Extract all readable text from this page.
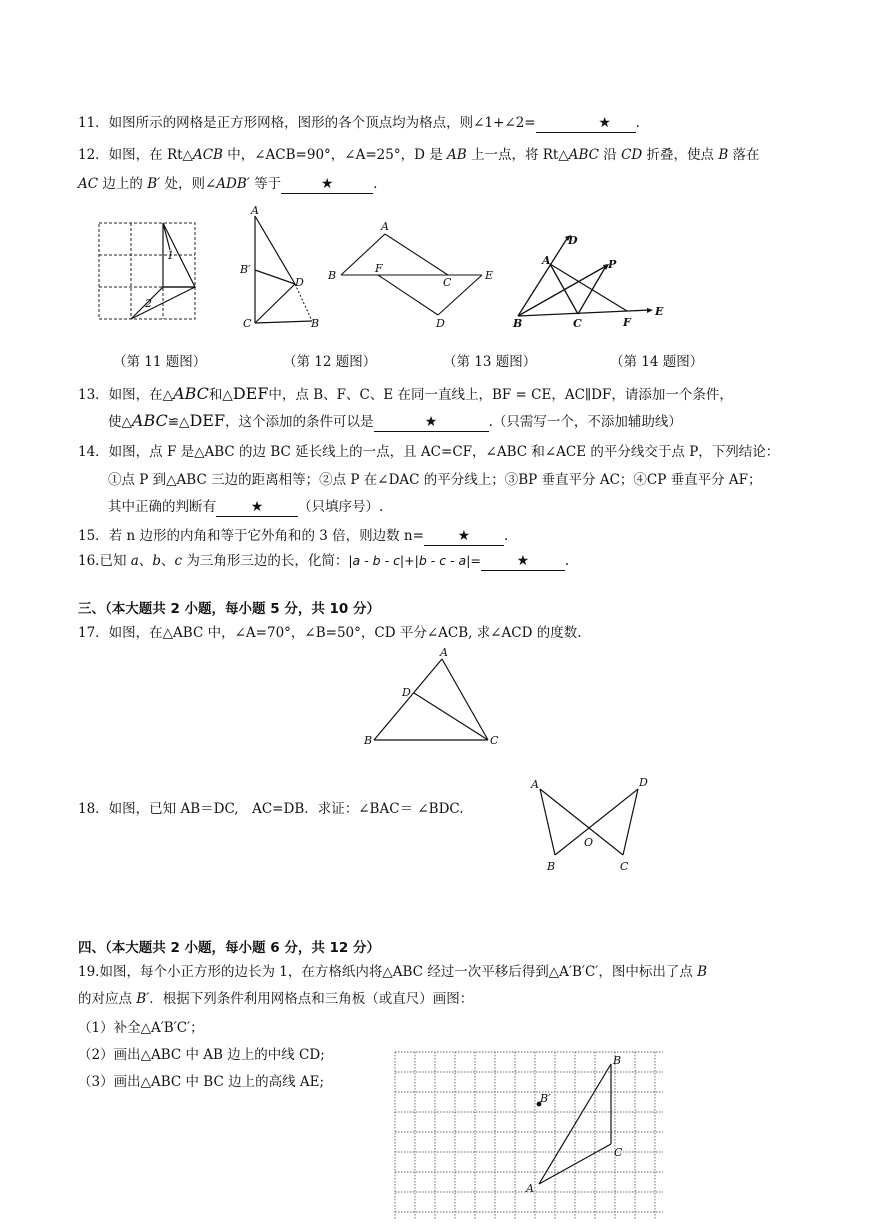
11．如图所示的网格是正方形网格，图形的各个顶点均为格点，则∠1+∠2=	★ .
12．如图，在 Rt△ACB 中，∠ACB=90°，∠A=25°，D 是 AB 上一点，将 Rt△ABC 沿 CD 折叠，使点 B 落在
AC 边上的 B′ 处，则∠ADB′ 等于	★	.
1
2
A
B′
D
C	B
A
B
F
C
E
D
D
A	P
B	C	F
E
（第 11 题图）	（第 12 题图）	（第 13 题图）	（第 14 题图）
13．如图，在△ABC和△DEF中，点 B、F、C、E 在同一直线上，BF = CE，AC∥DF，请添加一个条件，
使△ABC≌△DEF，这个添加的条件可以是	★	.（只需写一个，不添加辅助线）
14．如图，点 F 是△ABC 的边 BC 延长线上的一点，且 AC=CF，∠ABC 和∠ACE 的平分线交于点 P，下列结论：
①点 P 到△ABC 三边的距离相等；②点 P 在∠DAC 的平分线上；③BP 垂直平分 AC；④CP 垂直平分 AF；
其中正确的判断有 ★	（只填序号）.
15．若 n 边形的内角和等于它外角和的 3 倍，则边数 n= ★ .
16.已知 a、b、c 为三角形三边的长，化简：|a - b - c|+|b - c - a|=	★	.
三、（本大题共 2 小题，每小题 5 分，共 10 分）
17．如图，在△ABC 中，∠A=70°，∠B=50°，CD 平分∠ACB, 求∠ACD 的度数.
A
D
B	C
18．如图，已知 AB＝DC,　AC=DB．求证：∠BAC＝ ∠BDC.
A	D
O
B	C
四、（本大题共 2 小题，每小题 6 分，共 12 分）
19.如图，每个小正方形的边长为 1，在方格纸内将△ABC 经过一次平移后得到△A′B′C′，图中标出了点 B
的对应点 B′．根据下列条件利用网格点和三角板（或直尺）画图：
（1）补全△A′B′C′；
（2）画出△ABC 中 AB 边上的中线 CD;
（3）画出△ABC 中 BC 边上的高线 AE;
B
B′
C
A
